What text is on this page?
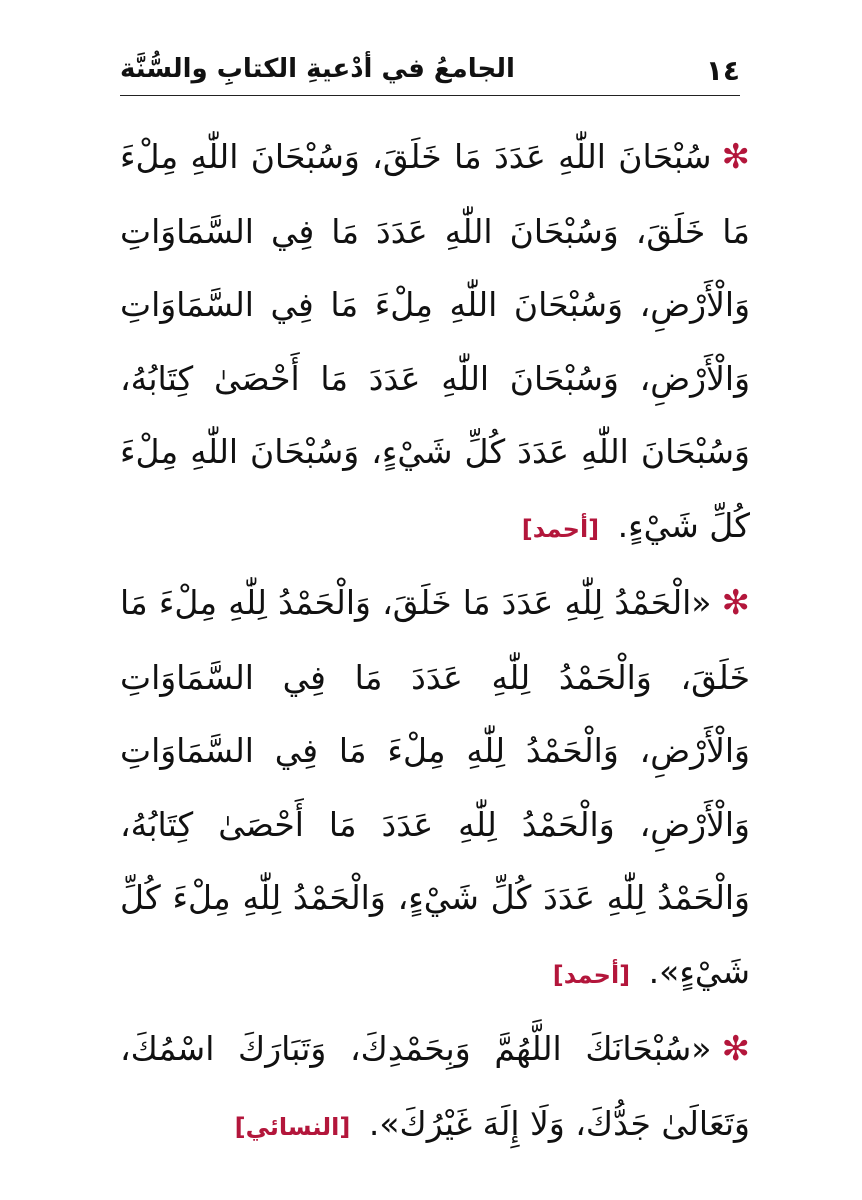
١٤
الجامعُ في أدْعيةِ الكتابِ والسُّنَّة

✻سُبْحَانَ اللّٰهِ عَدَدَ مَا خَلَقَ، وَسُبْحَانَ اللّٰهِ مِلْءَ مَا خَلَقَ، وَسُبْحَانَ اللّٰهِ عَدَدَ مَا فِي السَّمَاوَاتِ وَالْأَرْضِ، وَسُبْحَانَ اللّٰهِ مِلْءَ مَا فِي السَّمَاوَاتِ وَالْأَرْضِ، وَسُبْحَانَ اللّٰهِ عَدَدَ مَا أَحْصَىٰ كِتَابُهُ، وَسُبْحَانَ اللّٰهِ عَدَدَ كُلِّ شَيْءٍ، وَسُبْحَانَ اللّٰهِ مِلْءَ كُلِّ شَيْءٍ. [أحمد]

✻«الْحَمْدُ لِلّٰهِ عَدَدَ مَا خَلَقَ، وَالْحَمْدُ لِلّٰهِ مِلْءَ مَا خَلَقَ، وَالْحَمْدُ لِلّٰهِ عَدَدَ مَا فِي السَّمَاوَاتِ وَالْأَرْضِ، وَالْحَمْدُ لِلّٰهِ مِلْءَ مَا فِي السَّمَاوَاتِ وَالْأَرْضِ، وَالْحَمْدُ لِلّٰهِ عَدَدَ مَا أَحْصَىٰ كِتَابُهُ، وَالْحَمْدُ لِلّٰهِ عَدَدَ كُلِّ شَيْءٍ، وَالْحَمْدُ لِلّٰهِ مِلْءَ كُلِّ شَيْءٍ». [أحمد]

✻«سُبْحَانَكَ اللَّهُمَّ وَبِحَمْدِكَ، وَتَبَارَكَ اسْمُكَ، وَتَعَالَىٰ جَدُّكَ، وَلَا إِلَهَ غَيْرُكَ». [النسائي]
